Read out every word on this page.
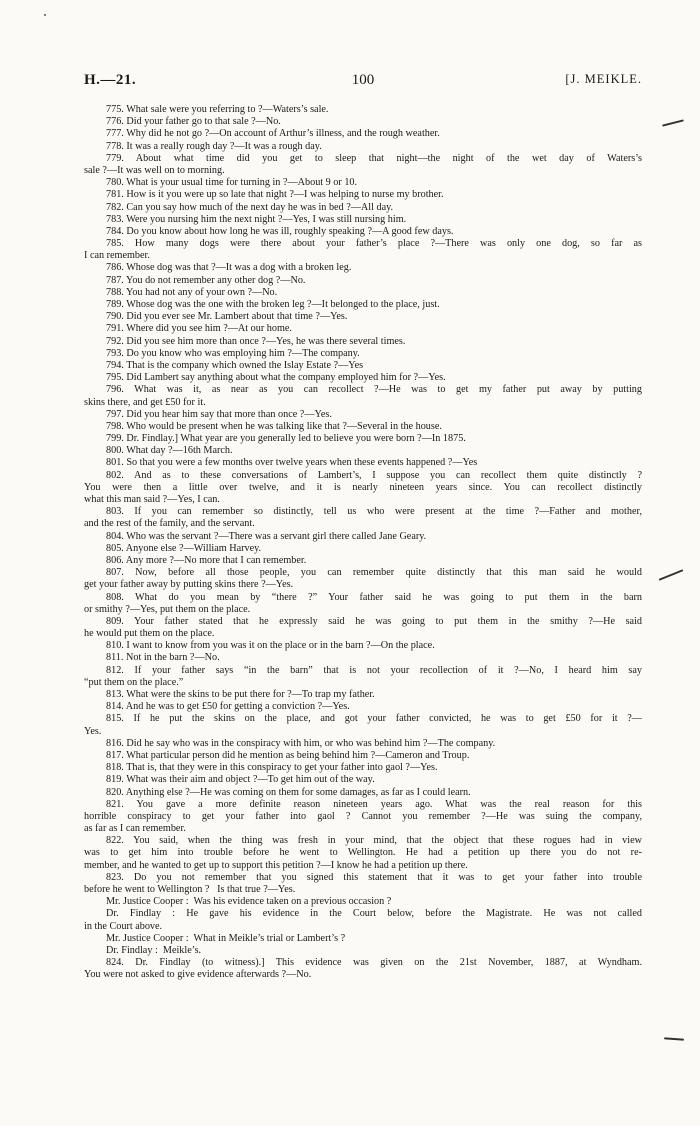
H.—21.	100	[J. MEIKLE.
775. What sale were you referring to ?—Waters’s sale.
776. Did your father go to that sale ?—No.
777. Why did he not go ?—On account of Arthur’s illness, and the rough weather.
778. It was a really rough day ?—It was a rough day.
779. About what time did you get to sleep that night—the night of the wet day of Waters’s
sale ?—It was well on to morning.
780. What is your usual time for turning in ?—About 9 or 10.
781. How is it you were up so late that night ?—I was helping to nurse my brother.
782. Can you say how much of the next day he was in bed ?—All day.
783. Were you nursing him the next night ?—Yes, I was still nursing him.
784. Do you know about how long he was ill, roughly speaking ?—A good few days.
785. How many dogs were there about your father’s place ?—There was only one dog, so far as
I can remember.
786. Whose dog was that ?—It was a dog with a broken leg.
787. You do not remember any other dog ?—No.
788. You had not any of your own ?—No.
789. Whose dog was the one with the broken leg ?—It belonged to the place, just.
790. Did you ever see Mr. Lambert about that time ?—Yes.
791. Where did you see him ?—At our home.
792. Did you see him more than once ?—Yes, he was there several times.
793. Do you know who was employing him ?—The company.
794. That is the company which owned the Islay Estate ?—Yes
795. Did Lambert say anything about what the company employed him for ?—Yes.
796. What was it, as near as you can recollect ?—He was to get my father put away by putting
skins there, and get £50 for it.
797. Did you hear him say that more than once ?—Yes.
798. Who would be present when he was talking like that ?—Several in the house.
799. Dr. Findlay.] What year are you generally led to believe you were born ?—In 1875.
800. What day ?—16th March.
801. So that you were a few months over twelve years when these events happened ?—Yes
802. And as to these conversations of Lambert’s, I suppose you can recollect them quite distinctly ?
You were then a little over twelve, and it is nearly nineteen years since. You can recollect distinctly
what this man said ?—Yes, I can.
803. If you can remember so distinctly, tell us who were present at the time ?—Father and mother,
and the rest of the family, and the servant.
804. Who was the servant ?—There was a servant girl there called Jane Geary.
805. Anyone else ?—William Harvey.
806. Any more ?—No more that I can remember.
807. Now, before all those people, you can remember quite distinctly that this man said he would
get your father away by putting skins there ?—Yes.
808. What do you mean by “there ?” Your father said he was going to put them in the barn
or smithy ?—Yes, put them on the place.
809. Your father stated that he expressly said he was going to put them in the smithy ?—He said
he would put them on the place.
810. I want to know from you was it on the place or in the barn ?—On the place.
811. Not in the barn ?—No.
812. If your father says “in the barn” that is not your recollection of it ?—No, I heard him say
“put them on the place.”
813. What were the skins to be put there for ?—To trap my father.
814. And he was to get £50 for getting a conviction ?—Yes.
815. If he put the skins on the place, and got your father convicted, he was to get £50 for it ?—
Yes.
816. Did he say who was in the conspiracy with him, or who was behind him ?—The company.
817. What particular person did he mention as being behind him ?—Cameron and Troup.
818. That is, that they were in this conspiracy to get your father into gaol ?—Yes.
819. What was their aim and object ?—To get him out of the way.
820. Anything else ?—He was coming on them for some damages, as far as I could learn.
821. You gave a more definite reason nineteen years ago. What was the real reason for this
horrible conspiracy to get your father into gaol ? Cannot you remember ?—He was suing the company,
as far as I can remember.
822. You said, when the thing was fresh in your mind, that the object that these rogues had in view
was to get him into trouble before he went to Wellington. He had a petition up there you do not re-
member, and he wanted to get up to support this petition ?—I know he had a petition up there.
823. Do you not remember that you signed this statement that it was to get your father into trouble
before he went to Wellington ?   Is that true ?—Yes.
Mr. Justice Cooper :  Was his evidence taken on a previous occasion ?
Dr. Findlay : He gave his evidence in the Court below, before the Magistrate. He was not called
in the Court above.
Mr. Justice Cooper :  What in Meikle’s trial or Lambert’s ?
Dr. Findlay :  Meikle’s.
824. Dr. Findlay (to witness).] This evidence was given on the 21st November, 1887, at Wyndham.
You were not asked to give evidence afterwards ?—No.
